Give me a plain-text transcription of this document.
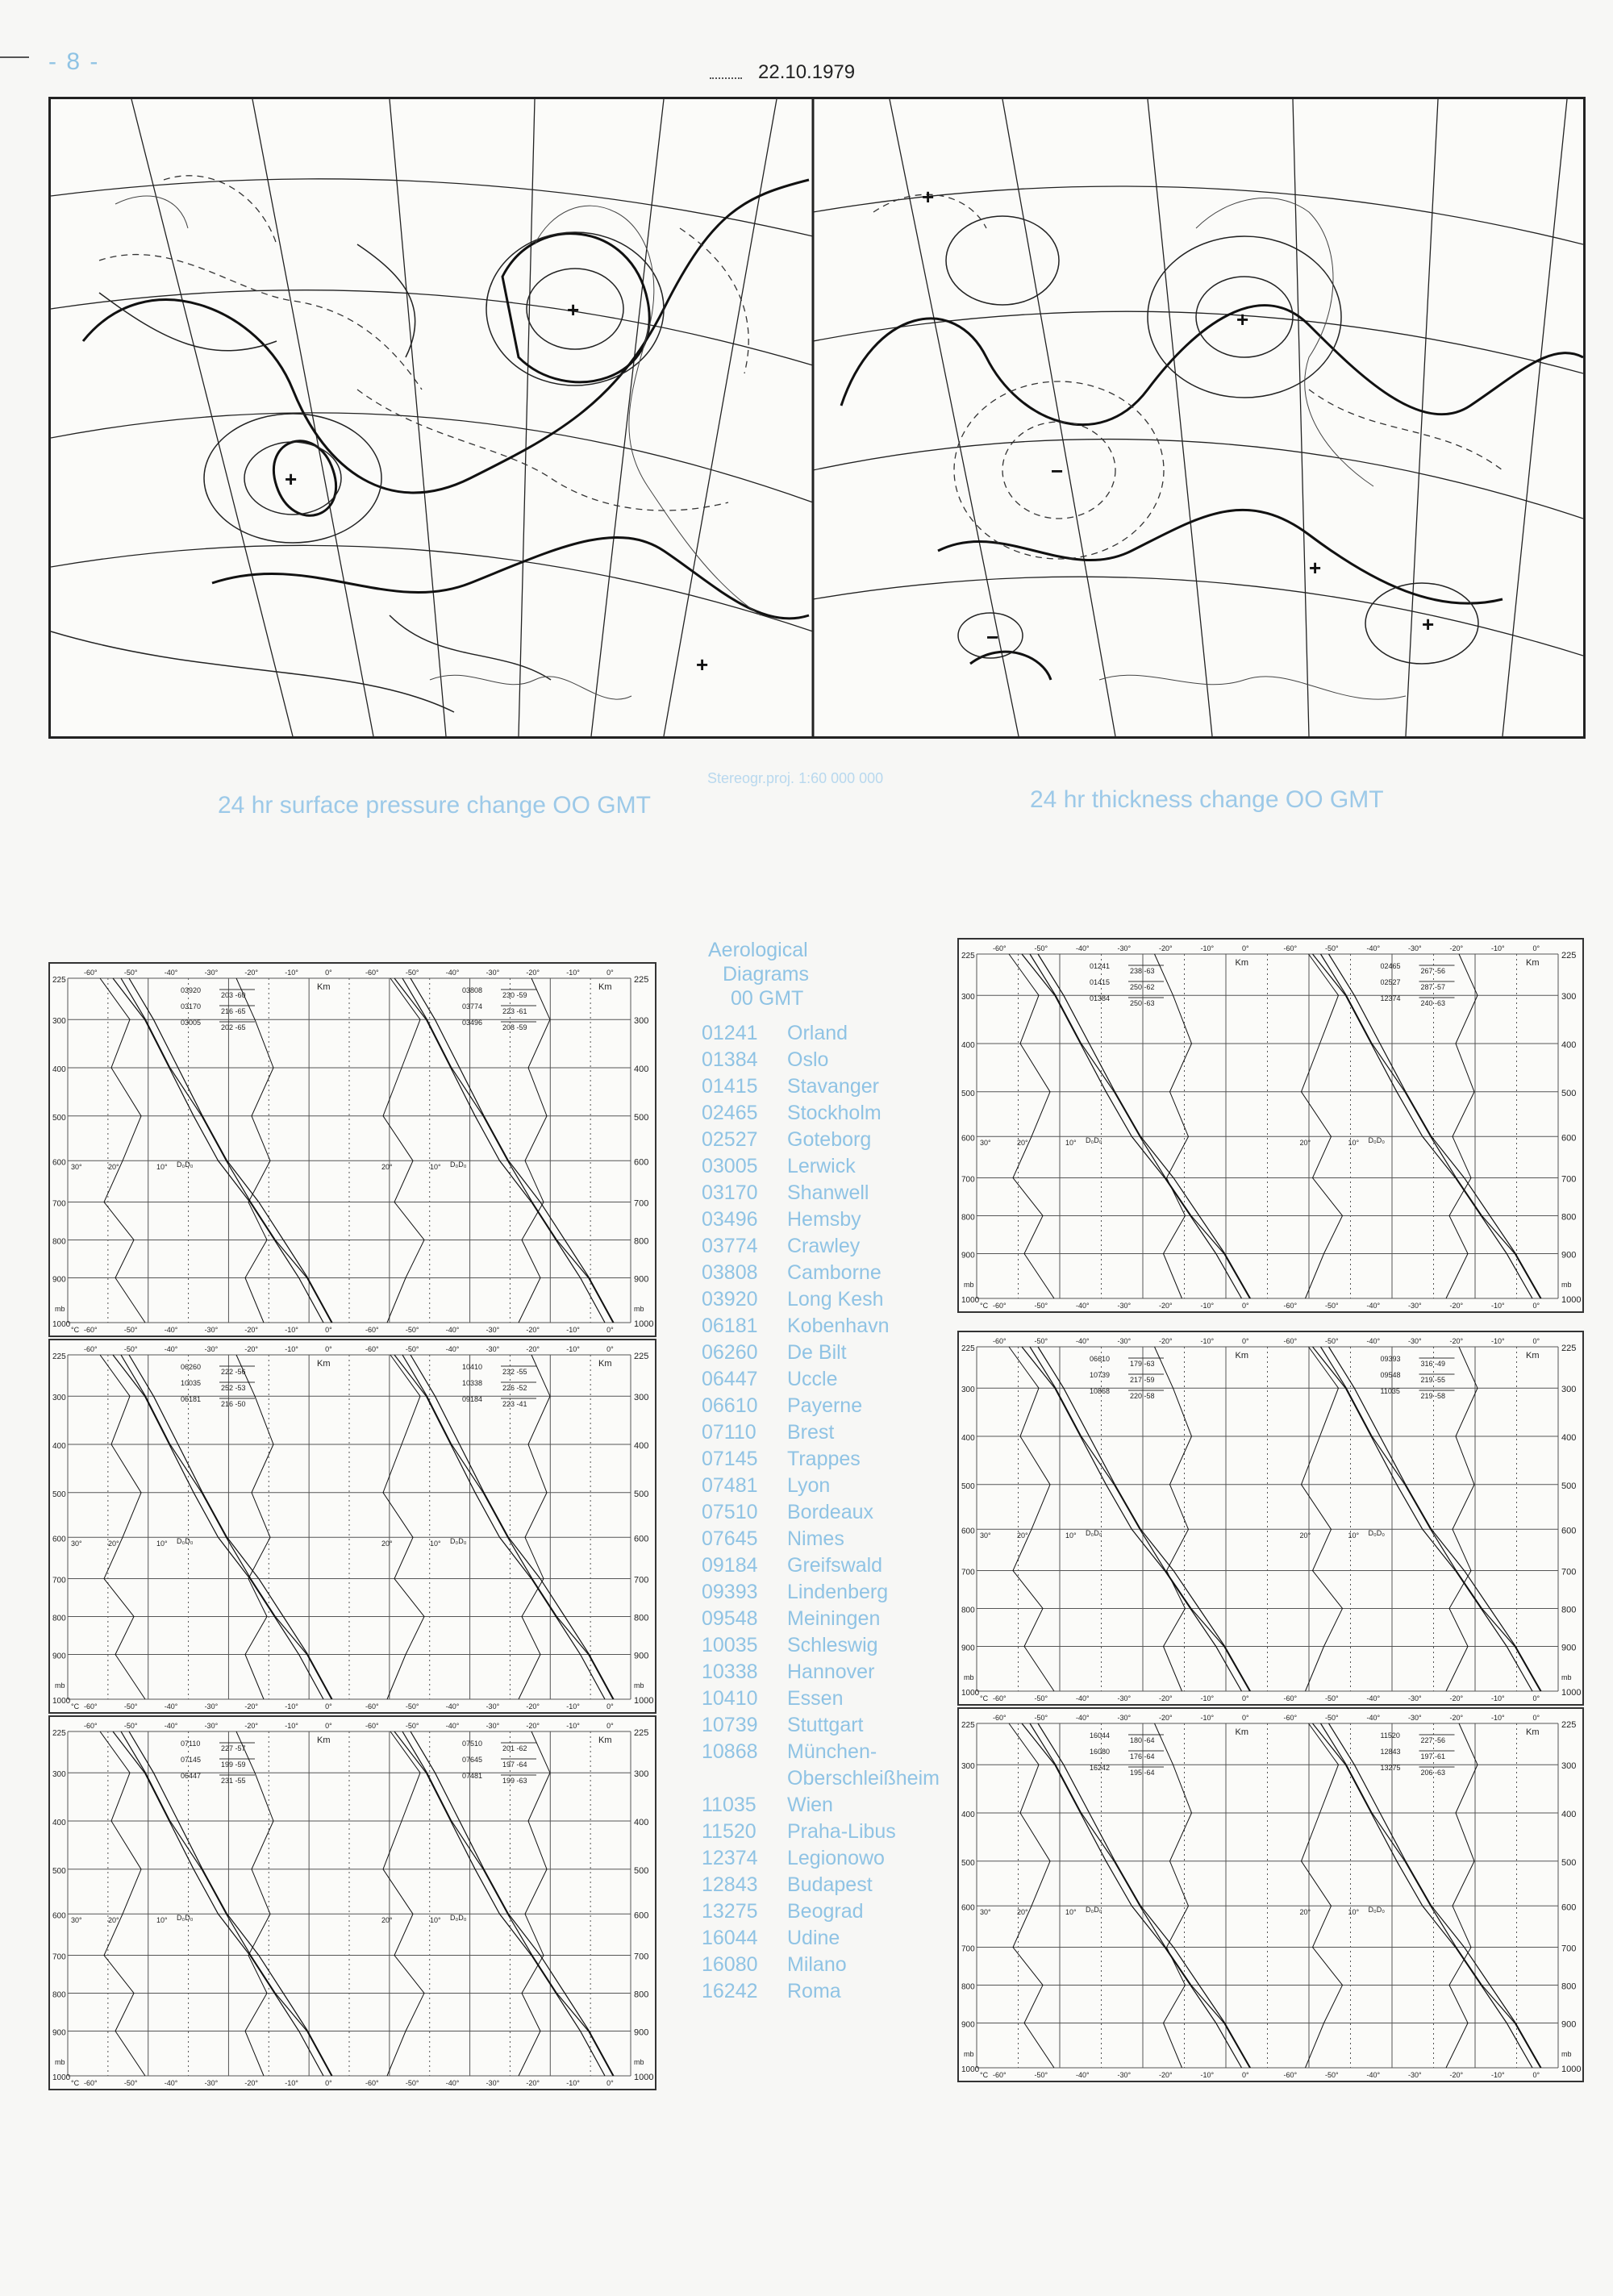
- 8 -	22.10.1979
+
+
+
+
+
−
−
+
+
24 hr surface pressure change OO GMT
Stereogr.proj. 1:60 000 000
24 hr thickness change OO GMT
225
225
300
300
400
400
500
500
600
600
700
700
800
800
900
900
1000
1000
-60°
-60°
-60°
-60°
-50°
-50°
-50°
-50°
-40°
-40°
-40°
-40°
-30°
-30°
-30°
-30°
-20°
-20°
-20°
-20°
-10°
-10°
-10°
-10°
0°
0°
0°
0°
Km	Km
mb
°C
mb
30°	20°	10° D₀D₀	20°	10° D₀D₀
03920
203 -60
03170
216 -65
03005
202 -65
03808
230 -59
03774
223 -61
03496
208 -59
225
225
300
300
400
400
500
500
600
600
700
700
800
800
900
900
1000
1000
-60°
-60°
-60°
-60°
-50°
-50°
-50°
-50°
-40°
-40°
-40°
-40°
-30°
-30°
-30°
-30°
-20°
-20°
-20°
-20°
-10°
-10°
-10°
-10°
0°
0°
0°
0°
Km	Km
mb
°C
mb
30°	20°	10° D₀D₀	20°	10° D₀D₀
06260
222 -56
10035
252 -53
06181
216 -50
10410
232 -55
10338
226 -52
09184
223 -41
225
225
300
300
400
400
500
500
600
600
700
700
800
800
900
900
1000
1000
-60°
-60°
-60°
-60°
-50°
-50°
-50°
-50°
-40°
-40°
-40°
-40°
-30°
-30°
-30°
-30°
-20°
-20°
-20°
-20°
-10°
-10°
-10°
-10°
0°
0°
0°
0°
Km	Km
mb
°C
mb
30°	20°	10° D₀D₀	20°	10° D₀D₀
07110
227 -57
07145
199 -59
06447
231 -55
07510
201 -62
07645
197 -64
07481
199 -63
225
225
300
300
400
400
500
500
600
600
700
700
800
800
900
900
1000
1000
-60°
-60°
-60°
-60°
-50°
-50°
-50°
-50°
-40°
-40°
-40°
-40°
-30°
-30°
-30°
-30°
-20°
-20°
-20°
-20°
-10°
-10°
-10°
-10°
0°
0°
0°
0°
Km	Km
mb
°C
mb
30°	20°	10° D₀D₀	20°	10° D₀D₀
01241
238 -63
01415
250 -62
01384
250 -63
02465
267 -56
02527
287 -57
12374
240 -63
225
225
300
300
400
400
500
500
600
600
700
700
800
800
900
900
1000
1000
-60°
-60°
-60°
-60°
-50°
-50°
-50°
-50°
-40°
-40°
-40°
-40°
-30°
-30°
-30°
-30°
-20°
-20°
-20°
-20°
-10°
-10°
-10°
-10°
0°
0°
0°
0°
Km	Km
mb
°C
mb
30°	20°	10° D₀D₀	20°	10° D₀D₀
06610
179 -63
10739
217 -59
10868
220 -58
09393
316 -49
09548
219 -55
11035
219 -58
225
225
300
300
400
400
500
500
600
600
700
700
800
800
900
900
1000
1000
-60°
-60°
-60°
-60°
-50°
-50°
-50°
-50°
-40°
-40°
-40°
-40°
-30°
-30°
-30°
-30°
-20°
-20°
-20°
-20°
-10°
-10°
-10°
-10°
0°
0°
0°
0°
Km	Km
mb
°C
mb
30°	20°	10° D₀D₀	20°	10° D₀D₀
16044
180 -64
16080
176 -64
16242
195 -64
11520
227 -56
12843
197 -61
13275
206 -63
Aerological
Diagrams
00 GMT
01241	Orland
01384	Oslo
01415	Stavanger
02465	Stockholm
02527	Goteborg
03005	Lerwick
03170	Shanwell
03496	Hemsby
03774	Crawley
03808	Camborne
03920	Long Kesh
06181	Kobenhavn
06260	De Bilt
06447	Uccle
06610	Payerne
07110	Brest
07145	Trappes
07481	Lyon
07510	Bordeaux
07645	Nimes
09184	Greifswald
09393	Lindenberg
09548	Meiningen
10035	Schleswig
10338	Hannover
10410	Essen
10739	Stuttgart
10868	München-
Oberschleißheim
11035	Wien
11520	Praha-Libus
12374	Legionowo
12843	Budapest
13275	Beograd
16044	Udine
16080	Milano
16242	Roma
